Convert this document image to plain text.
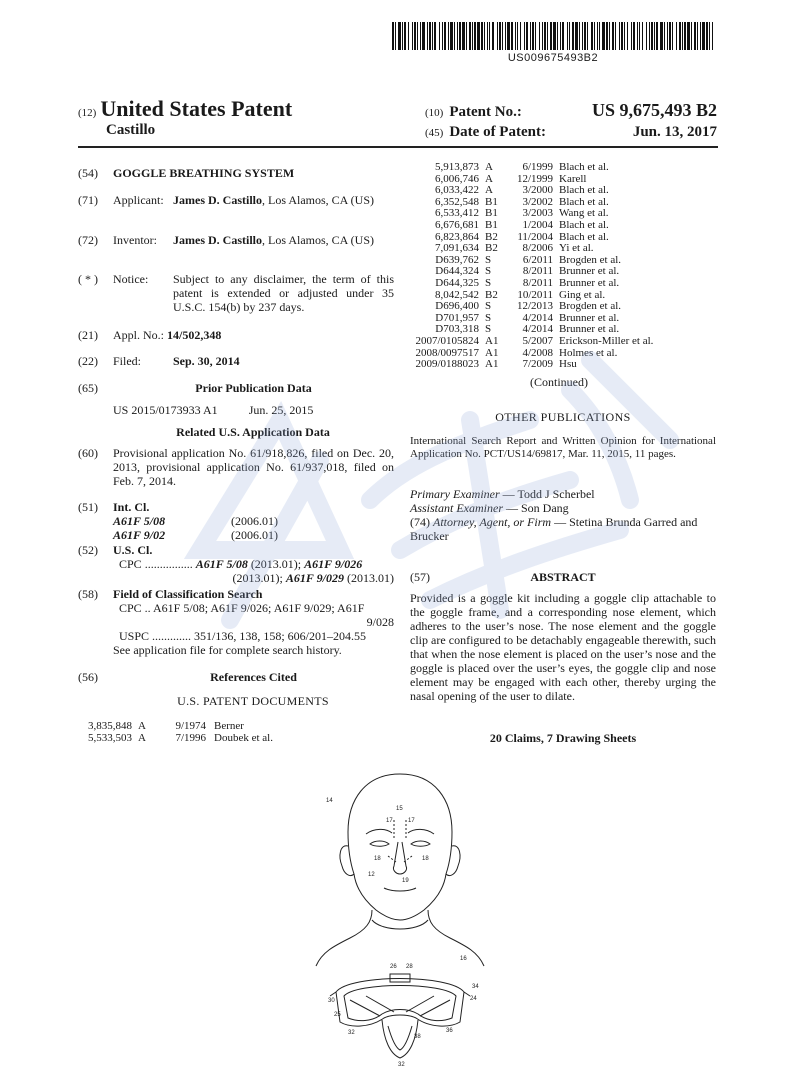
US009675493B2
(12) United States Patent
Castillo
(10) Patent No.:	US 9,675,493 B2
(45) Date of Patent:	Jun. 13, 2017
(54)	GOGGLE BREATHING SYSTEM
(71)	Applicant: James D. Castillo, Los Alamos, CA (US)
(72)	Inventor: James D. Castillo, Los Alamos, CA (US)
( * )	Notice:	Subject to any disclaimer, the term of this patent is extended or adjusted under 35 U.S.C. 154(b) by 237 days.
(21)	Appl. No.: 14/502,348
(22)	Filed:	Sep. 30, 2014
(65)	Prior Publication Data
US 2015/0173933 A1	Jun. 25, 2015
Related U.S. Application Data
(60)	Provisional application No. 61/918,826, filed on Dec. 20, 2013, provisional application No. 61/937,018, filed on Feb. 7, 2014.
(51)	Int. Cl.
A61F 5/08	(2006.01)
A61F 9/02	(2006.01)
(52)	U.S. Cl.
CPC ................ A61F 5/08 (2013.01); A61F 9/026
(2013.01); A61F 9/029 (2013.01)
(58)	Field of Classification Search
CPC .. A61F 5/08; A61F 9/026; A61F 9/029; A61F
9/028
USPC ............. 351/136, 138, 158; 606/201–204.55
See application file for complete search history.
(56)	References Cited
U.S. PATENT DOCUMENTS
3,835,848 A	9/1974 Berner
5,533,503 A	7/1996 Doubek et al.
5,913,873 A	6/1999 Blach et al.
6,006,746 A	12/1999 Karell
6,033,422 A	3/2000 Blach et al.
6,352,548 B1	3/2002 Blach et al.
6,533,412 B1	3/2003 Wang et al.
6,676,681 B1	1/2004 Blach et al.
6,823,864 B2	11/2004 Blach et al.
7,091,634 B2	8/2006 Yi et al.
D639,762 S	6/2011 Brogden et al.
D644,324 S	8/2011 Brunner et al.
D644,325 S	8/2011 Brunner et al.
8,042,542 B2	10/2011 Ging et al.
D696,400 S	12/2013 Brogden et al.
D701,957 S	4/2014 Brunner et al.
D703,318 S	4/2014 Brunner et al.
2007/0105824 A1	5/2007 Erickson-Miller et al.
2008/0097517 A1	4/2008 Holmes et al.
2009/0188023 A1	7/2009 Hsu
(Continued)
OTHER PUBLICATIONS
International Search Report and Written Opinion for International Application No. PCT/US14/69817, Mar. 11, 2015, 11 pages.
Primary Examiner — Todd J Scherbel
Assistant Examiner — Son Dang
(74) Attorney, Agent, or Firm — Stetina Brunda Garred and Brucker
(57)	ABSTRACT
Provided is a goggle kit including a goggle clip attachable to the goggle frame, and a corresponding nose element, which adheres to the user’s nose. The nose element and the goggle clip are configured to be detachably engageable therewith, such that when the nose element is placed on the user’s nose and the goggle is placed over the user’s eyes, the goggle clip and nose element may be engaged with each other, thereby urging the nasal opening of the user to dilate.
20 Claims, 7 Drawing Sheets
14
15
17	17
18	18
12
19
16
26 28
24
30
34
25
32
38
36
32
